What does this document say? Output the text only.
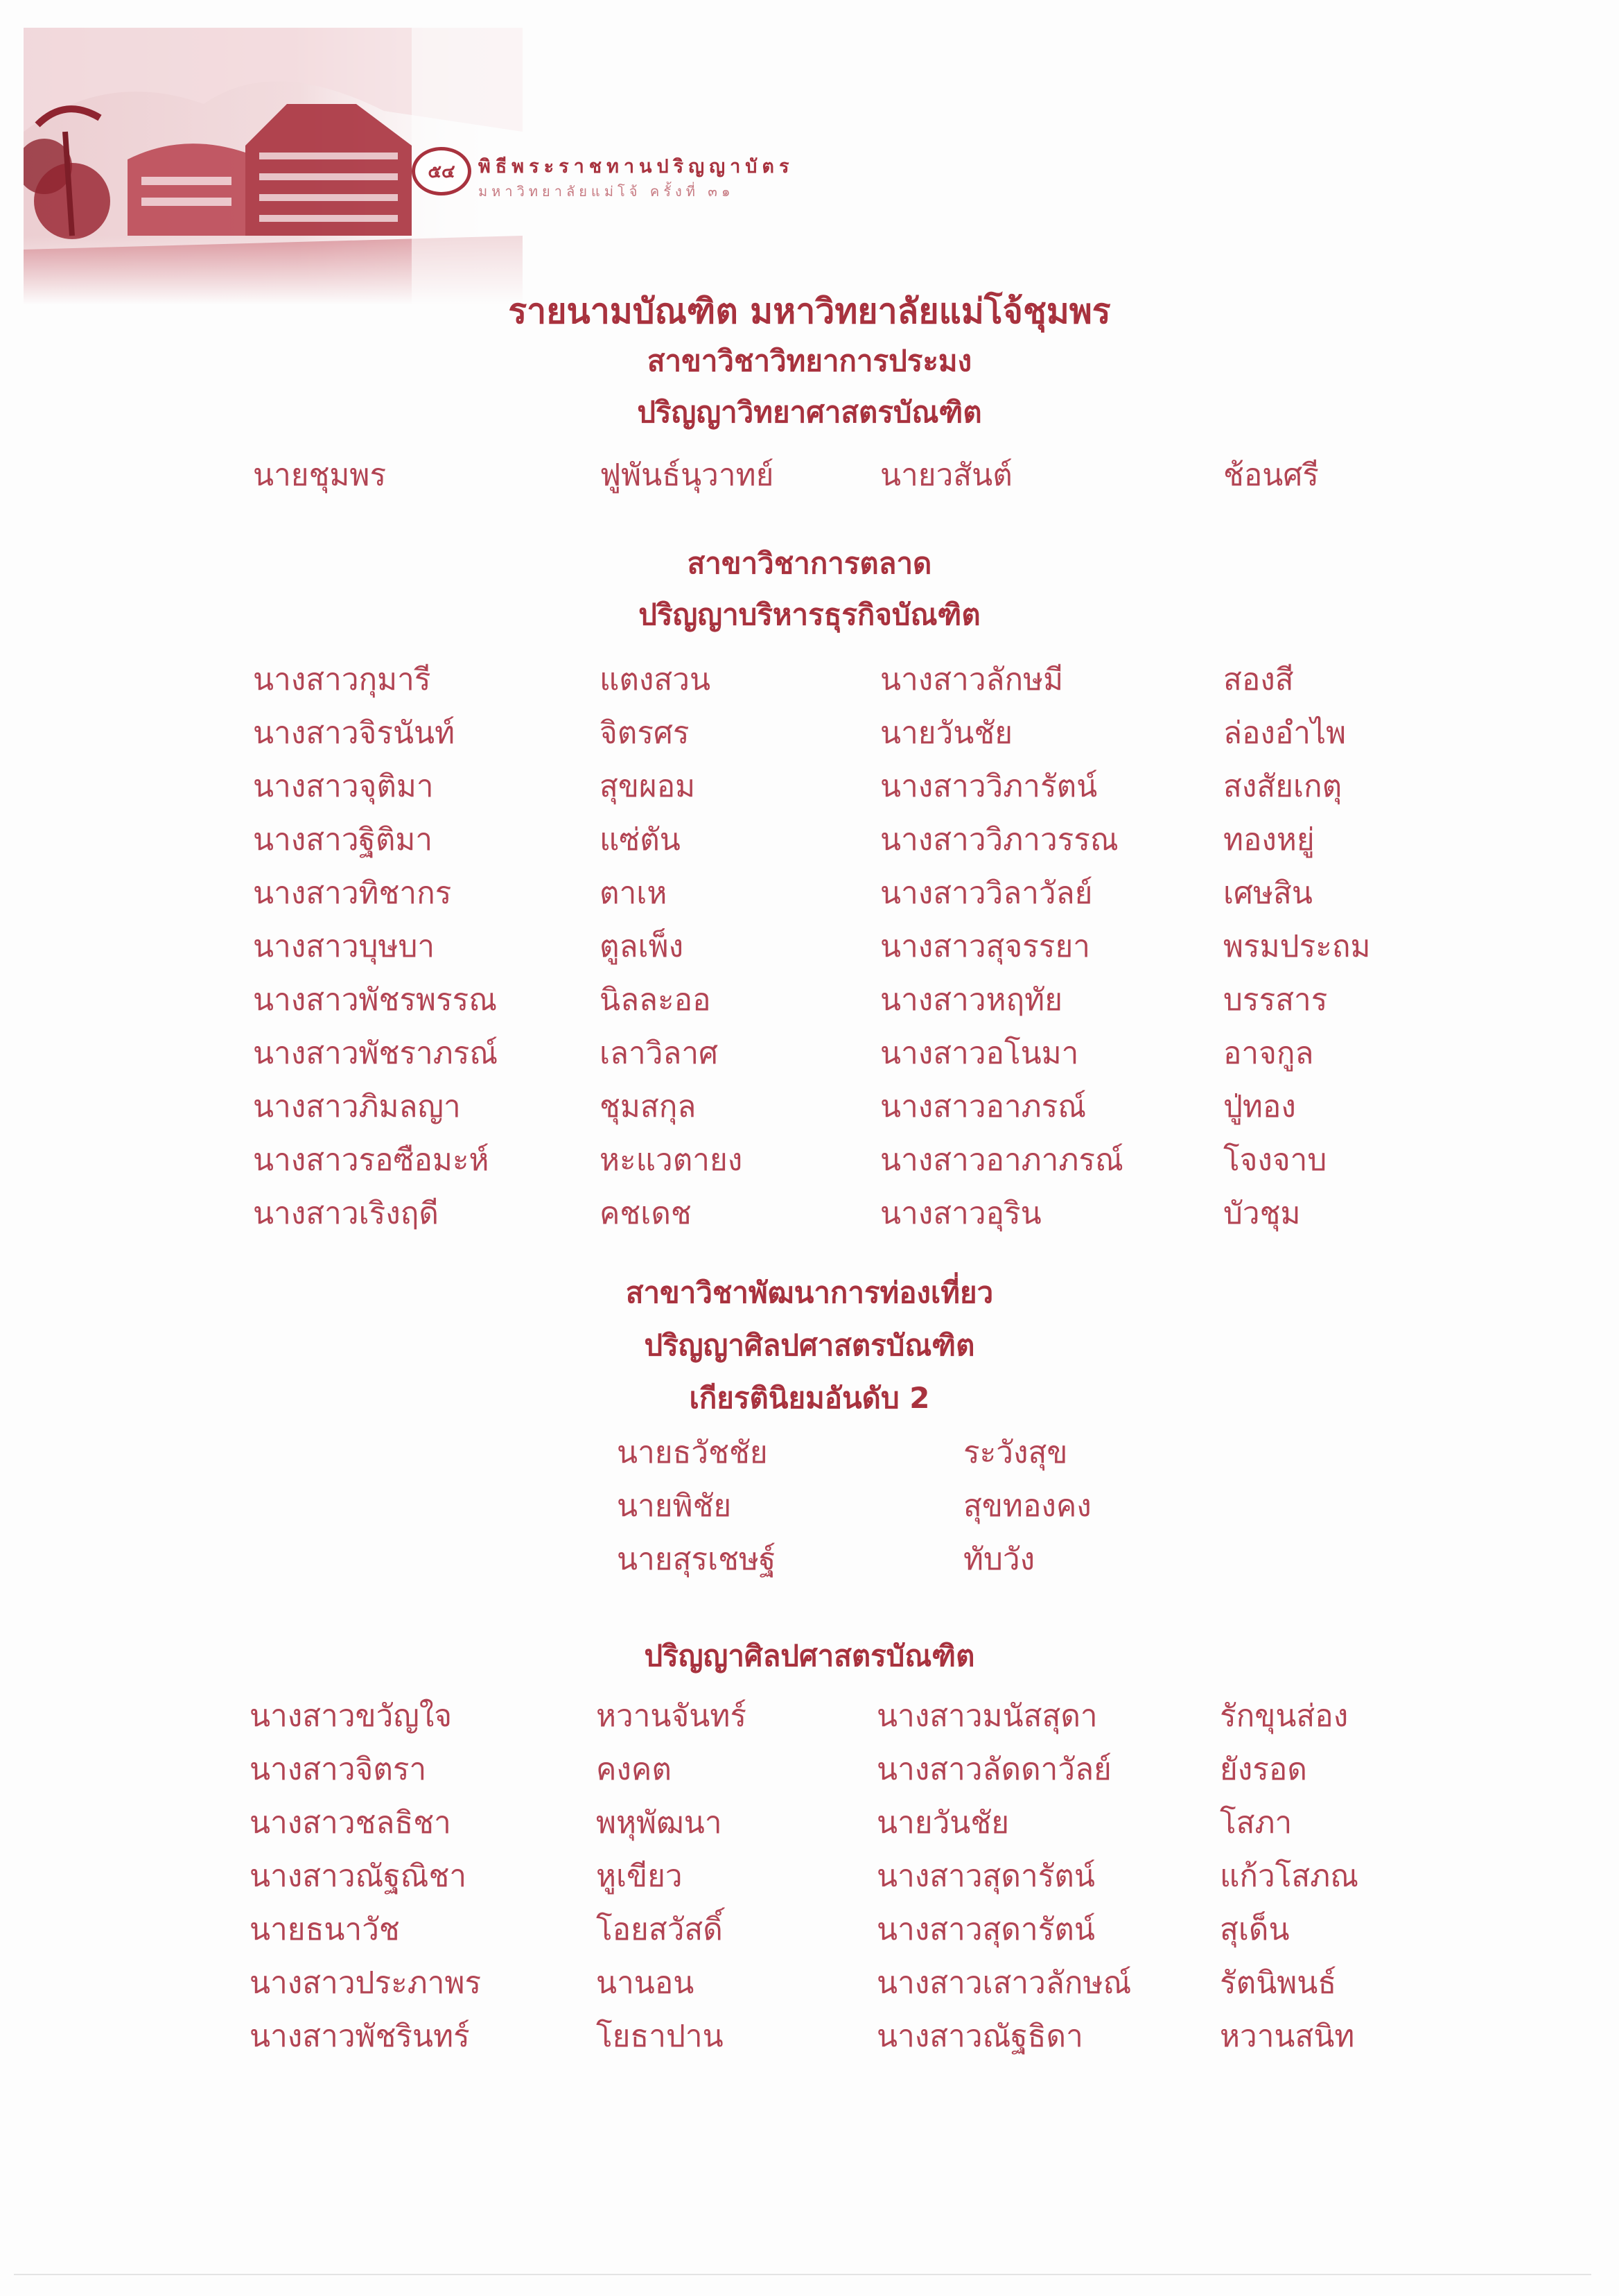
๕๔	พิธีพระราชทานปริญญาบัตร
มหาวิทยาลัยแม่โจ้ ครั้งที่ ๓๑
รายนามบัณฑิต มหาวิทยาลัยแม่โจ้ชุมพร
สาขาวิชาวิทยาการประมง
ปริญญาวิทยาศาสตรบัณฑิต
สาขาวิชาการตลาด
ปริญญาบริหารธุรกิจบัณฑิต
สาขาวิชาพัฒนาการท่องเที่ยว
ปริญญาศิลปศาสตรบัณฑิต
เกียรตินิยมอันดับ 2
ปริญญาศิลปศาสตรบัณฑิต
นายชุมพร	ฟูพันธ์นุวาทย์	นายวสันต์	ช้อนศรี
นางสาวกุมารี	แตงสวน	นางสาวลักษมี	สองสี
นางสาวจิรนันท์	จิตรศร	นายวันชัย	ล่องอำไพ
นางสาวจุติมา	สุขผอม	นางสาววิภารัตน์	สงสัยเกตุ
นางสาวฐิติมา	แซ่ตัน	นางสาววิภาวรรณ	ทองหยู่
นางสาวทิชากร	ตาเห	นางสาววิลาวัลย์	เศษสิน
นางสาวบุษบา	ตูลเพ็ง	นางสาวสุจรรยา	พรมประถม
นางสาวพัชรพรรณ	นิลละออ	นางสาวหฤทัย	บรรสาร
นางสาวพัชราภรณ์	เลาวิลาศ	นางสาวอโนมา	อาจกูล
นางสาวภิมลญา	ชุมสกุล	นางสาวอาภรณ์	ปู่ทอง
นางสาวรอซือมะห์	หะแวตายง	นางสาวอาภาภรณ์	โจงจาบ
นางสาวเริงฤดี	คชเดช	นางสาวอุริน	บัวชุม
นายธวัชชัย	ระวังสุข
นายพิชัย	สุขทองคง
นายสุรเชษฐ์	ทับวัง
นางสาวขวัญใจ	หวานจันทร์	นางสาวมนัสสุดา	รักขุนส่อง
นางสาวจิตรา	คงคต	นางสาวลัดดาวัลย์	ยังรอด
นางสาวชลธิชา	พหุพัฒนา	นายวันชัย	โสภา
นางสาวณัฐณิชา	หูเขียว	นางสาวสุดารัตน์	แก้วโสภณ
นายธนาวัช	โอยสวัสดิ์	นางสาวสุดารัตน์	สุเด็น
นางสาวประภาพร	นานอน	นางสาวเสาวลักษณ์	รัตนิพนธ์
นางสาวพัชรินทร์	โยธาปาน	นางสาวณัฐธิดา	หวานสนิท
